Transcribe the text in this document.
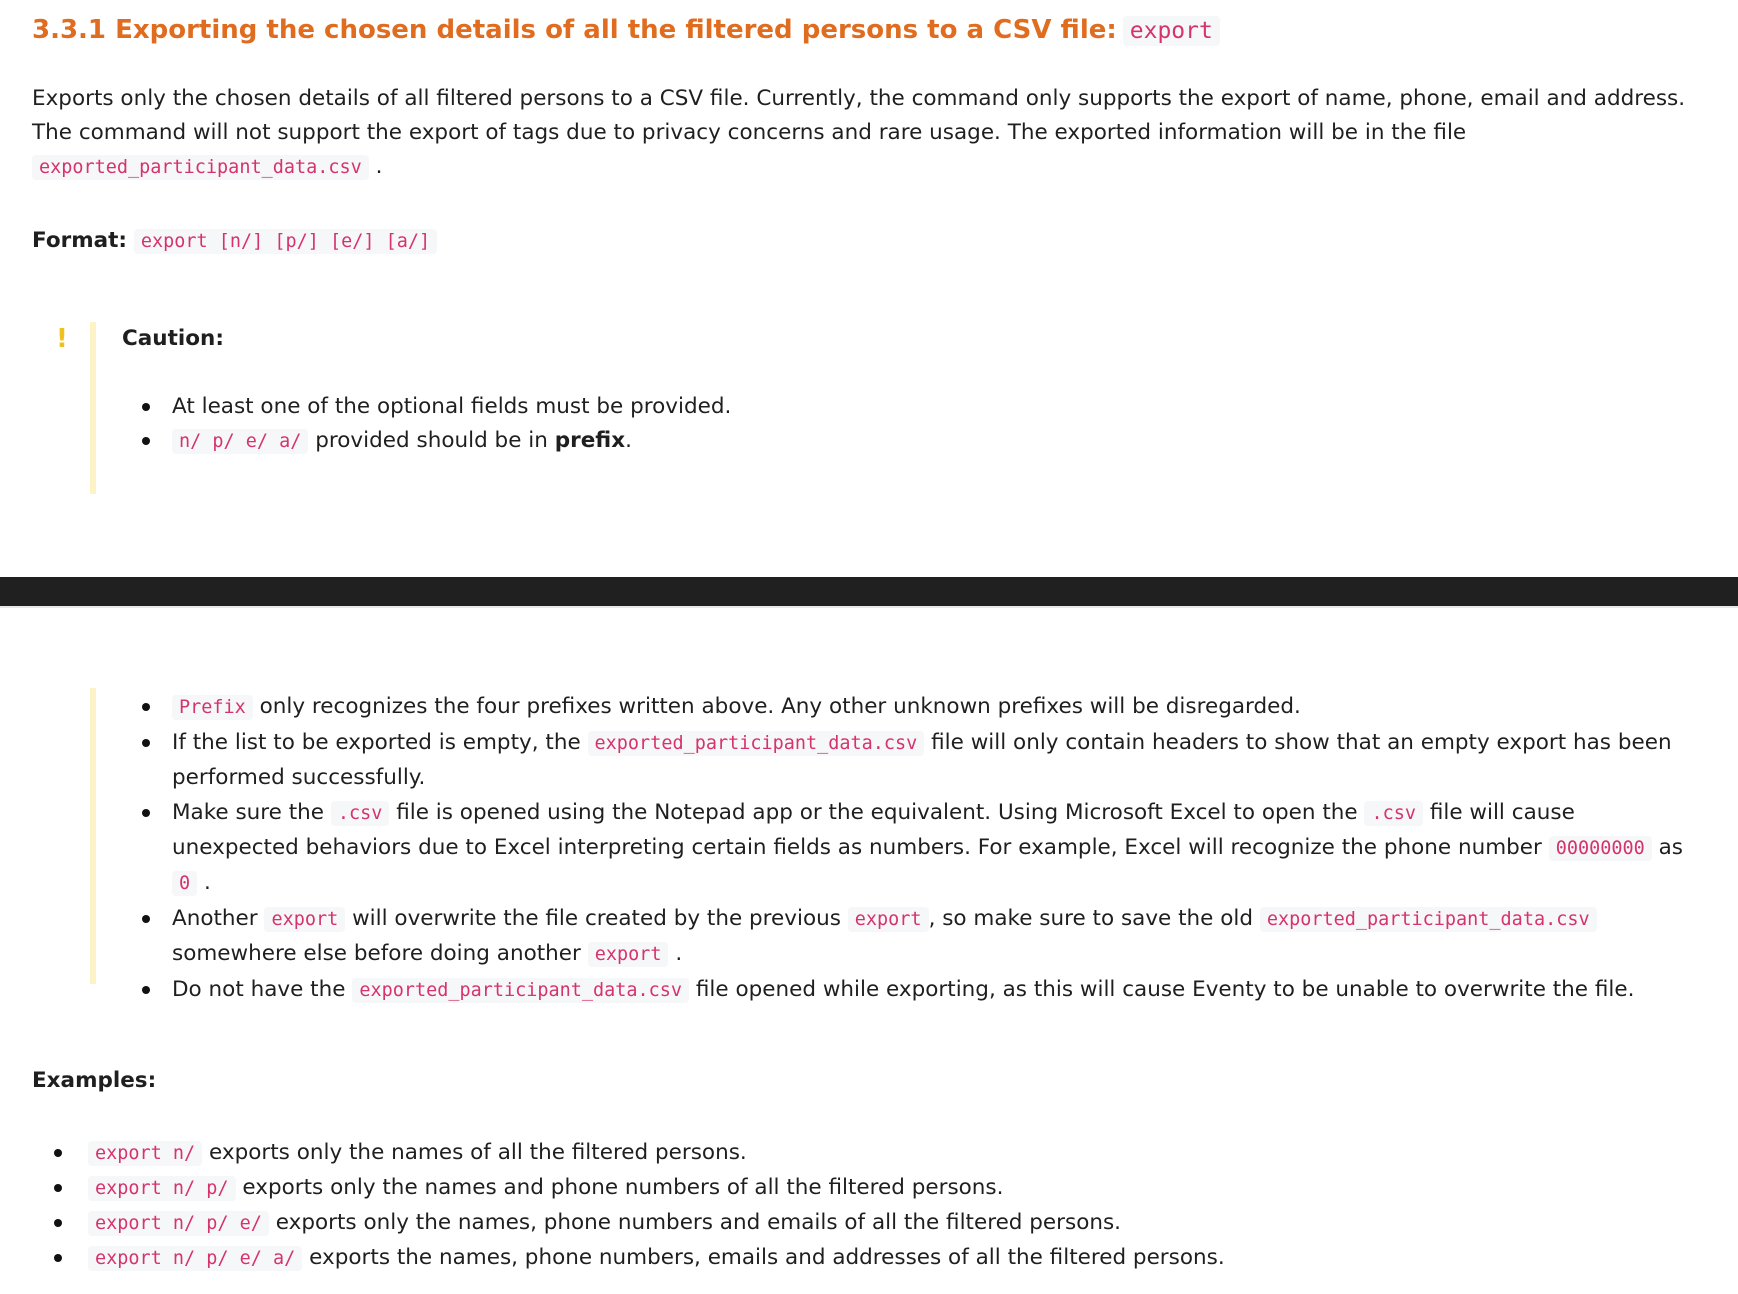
3.3.1 Exporting the chosen details of all the filtered persons to a CSV file: export

Exports only the chosen details of all filtered persons to a CSV file. Currently, the command only supports the export of name, phone, email and address. The command will not support the export of tags due to privacy concerns and rare usage. The exported information will be in the file
exported_participant_data.csv .

Format: export [n/] [p/] [e/] [a/]

!	Caution:
At least one of the optional fields must be provided.
n/ p/ e/ a/ provided should be in prefix.
Prefix only recognizes the four prefixes written above. Any other unknown prefixes will be disregarded.
If the list to be exported is empty, the exported_participant_data.csv file will only contain headers to show that an empty export has been performed successfully.
Make sure the .csv file is opened using the Notepad app or the equivalent. Using Microsoft Excel to open the .csv file will cause unexpected behaviors due to Excel interpreting certain fields as numbers. For example, Excel will recognize the phone number 00000000 as 0 .
Another export will overwrite the file created by the previous export , so make sure to save the old exported_participant_data.csv somewhere else before doing another export .
Do not have the exported_participant_data.csv file opened while exporting, as this will cause Eventy to be unable to overwrite the file.
Examples:
export n/ exports only the names of all the filtered persons.
export n/ p/ exports only the names and phone numbers of all the filtered persons.
export n/ p/ e/ exports only the names, phone numbers and emails of all the filtered persons.
export n/ p/ e/ a/ exports the names, phone numbers, emails and addresses of all the filtered persons.
